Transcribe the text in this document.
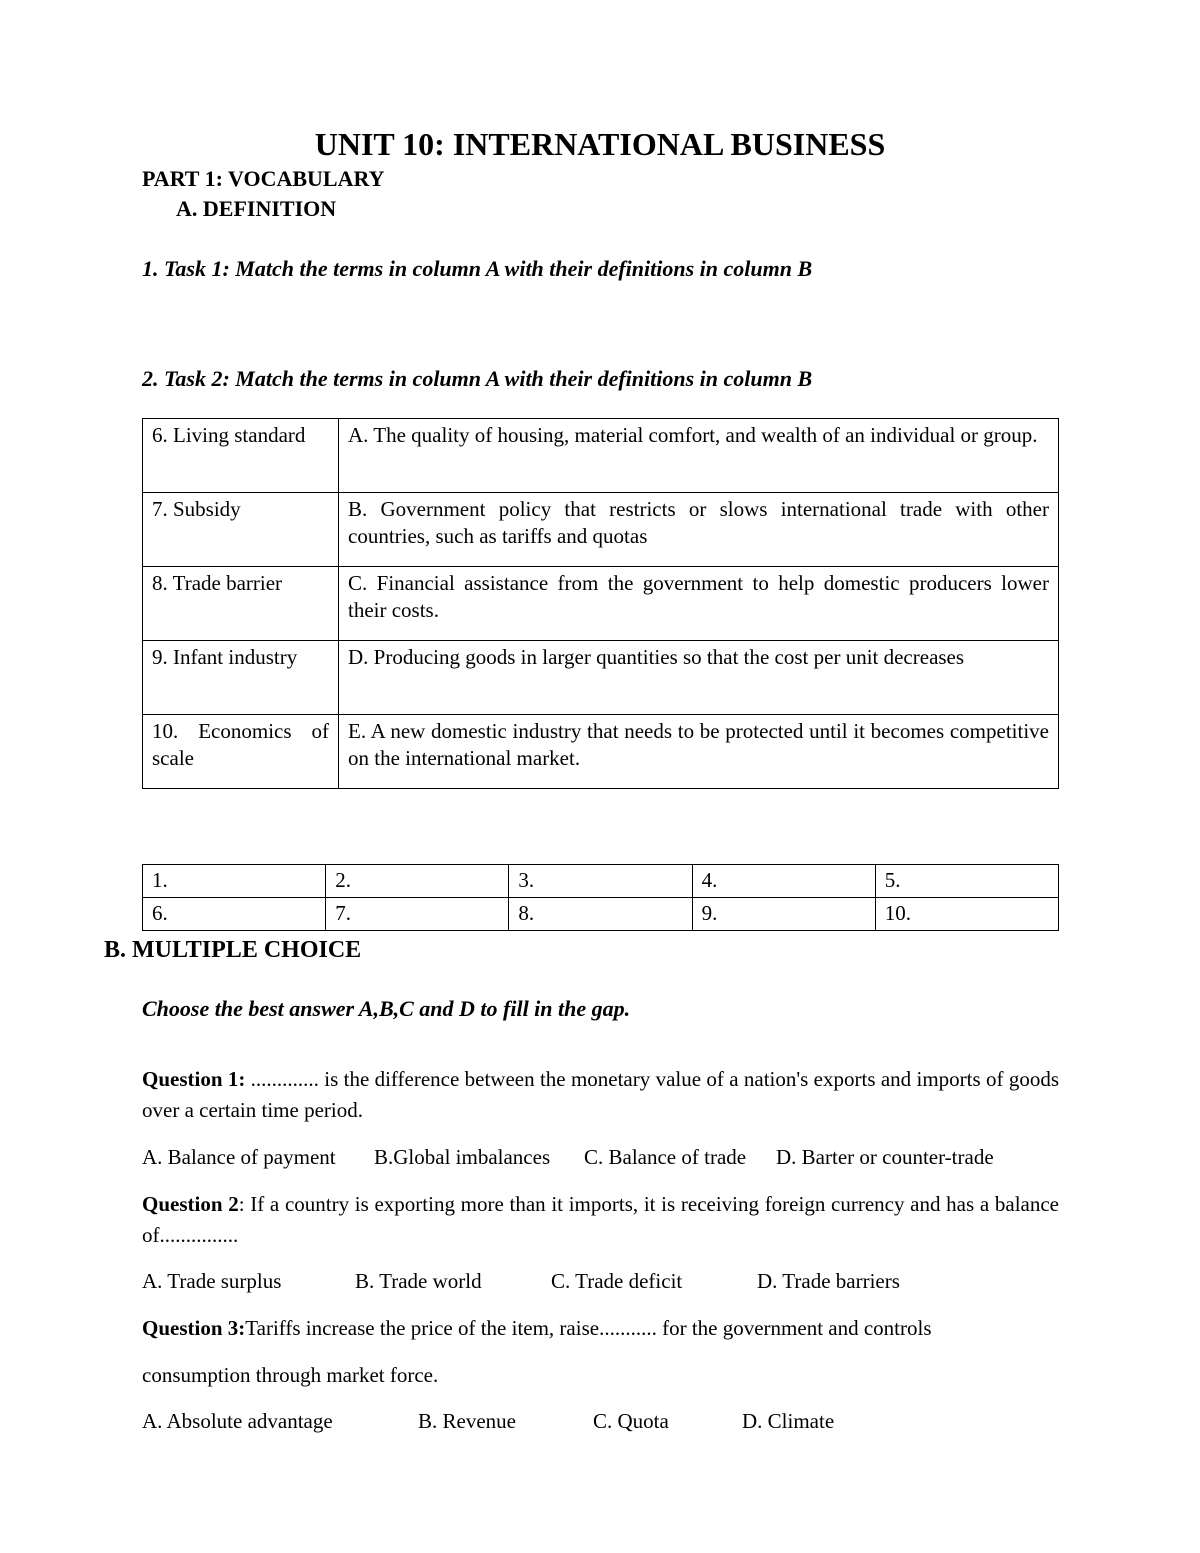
UNIT 10: INTERNATIONAL BUSINESS
PART 1: VOCABULARY
A. DEFINITION
1. Task 1: Match the terms in column A with their definitions in column B
2. Task 2: Match the terms in column A with their definitions in column B
6. Living standard	A. The quality of housing, material comfort, and wealth of an individual or group.
7. Subsidy	B. Government policy that restricts or slows international trade with other countries, such as tariffs and quotas
8. Trade barrier	C. Financial assistance from the government to help domestic producers lower their costs.
9. Infant industry	D. Producing goods in larger quantities so that the cost per unit decreases
10. Economics of scale	E. A new domestic industry that needs to be protected until it becomes competitive on the international market.
1.	2.	3.	4.	5.
6.	7.	8.	9.	10.
B. MULTIPLE CHOICE
Choose the best answer A,B,C and D to fill in the gap.

Question 1: ............. is the difference between the monetary value of a nation's exports and imports of goods over a certain time period.

A. Balance of payment B.Global imbalances C. Balance of trade D. Barter or counter-trade

Question 2: If a country is exporting more than it imports, it is receiving foreign currency and has a balance of...............

A. Trade surplus	B. Trade world	C. Trade deficit	D. Trade barriers
Question 3:Tariffs increase the price of the item, raise........... for the government and controls
consumption through market force.
A. Absolute advantage	B. Revenue	C. Quota	D. Climate
